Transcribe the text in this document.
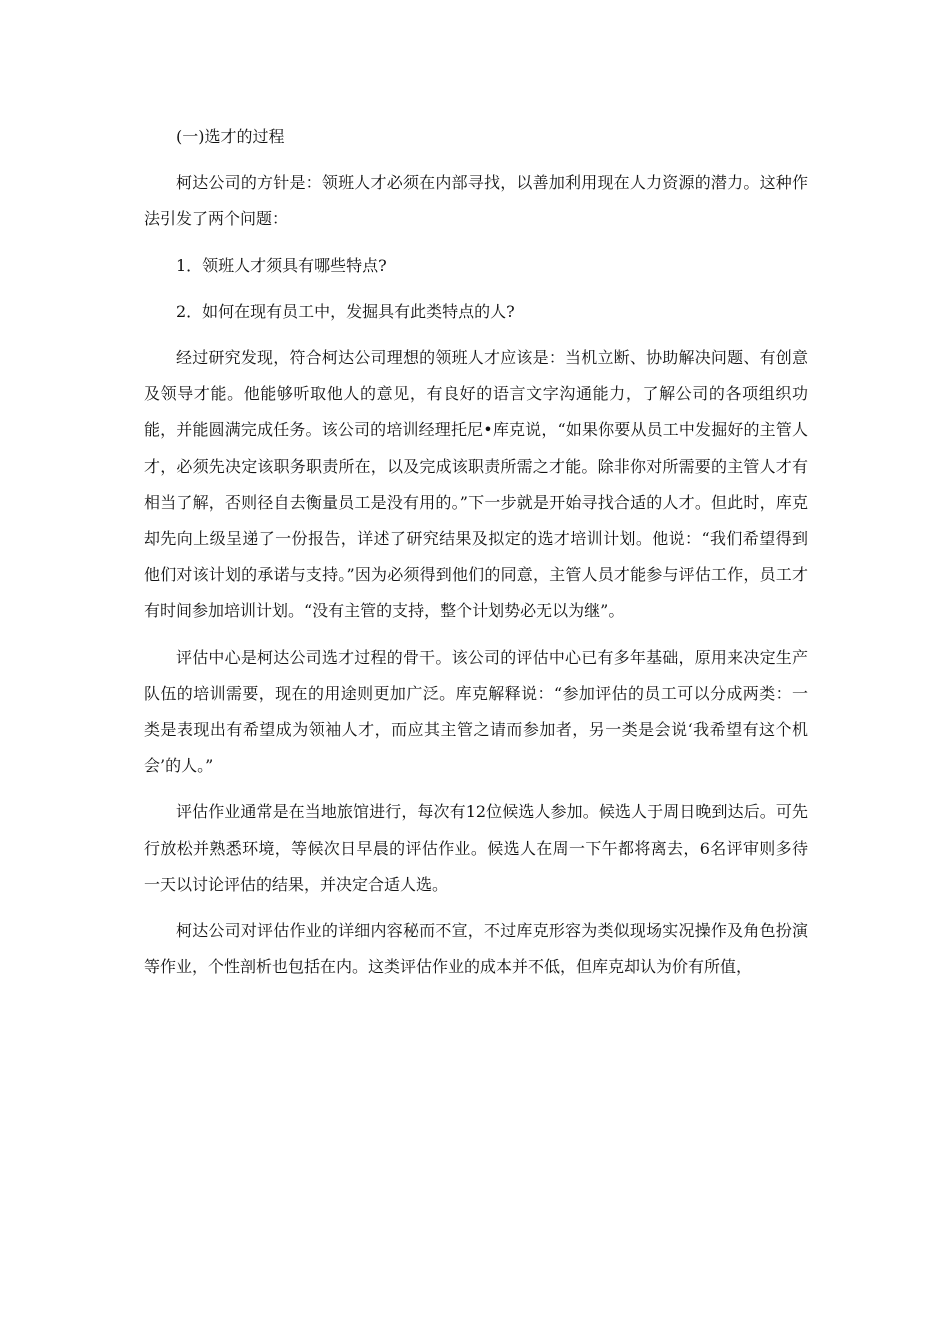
(一)选才的过程

柯达公司的方针是：领班人才必须在内部寻找，以善加利用现在人力资源的潜力。这种作法引发了两个问题：

1．领班人才须具有哪些特点?

2．如何在现有员工中，发掘具有此类特点的人?

经过研究发现，符合柯达公司理想的领班人才应该是：当机立断、协助解决问题、有创意及领导才能。他能够听取他人的意见，有良好的语言文字沟通能力，了解公司的各项组织功能，并能圆满完成任务。该公司的培训经理托尼•库克说，“如果你要从员工中发掘好的主管人才，必须先决定该职务职责所在，以及完成该职责所需之才能。除非你对所需要的主管人才有相当了解，否则径自去衡量员工是没有用的。”下一步就是开始寻找合适的人才。但此时，库克却先向上级呈递了一份报告，详述了研究结果及拟定的选才培训计划。他说：“我们希望得到他们对该计划的承诺与支持。”因为必须得到他们的同意，主管人员才能参与评估工作，员工才有时间参加培训计划。“没有主管的支持，整个计划势必无以为继”。

评估中心是柯达公司选才过程的骨干。该公司的评估中心已有多年基础，原用来决定生产队伍的培训需要，现在的用途则更加广泛。库克解释说：“参加评估的员工可以分成两类：一类是表现出有希望成为领袖人才，而应其主管之请而参加者，另一类是会说‘我希望有这个机会’的人。”

评估作业通常是在当地旅馆进行，每次有12位候选人参加。候选人于周日晚到达后。可先行放松并熟悉环境，等候次日早晨的评估作业。候选人在周一下午都将离去，6名评审则多待一天以讨论评估的结果，并决定合适人选。

柯达公司对评估作业的详细内容秘而不宣，不过库克形容为类似现场实况操作及角色扮演等作业，个性剖析也包括在内。这类评估作业的成本并不低，但库克却认为价有所值，
